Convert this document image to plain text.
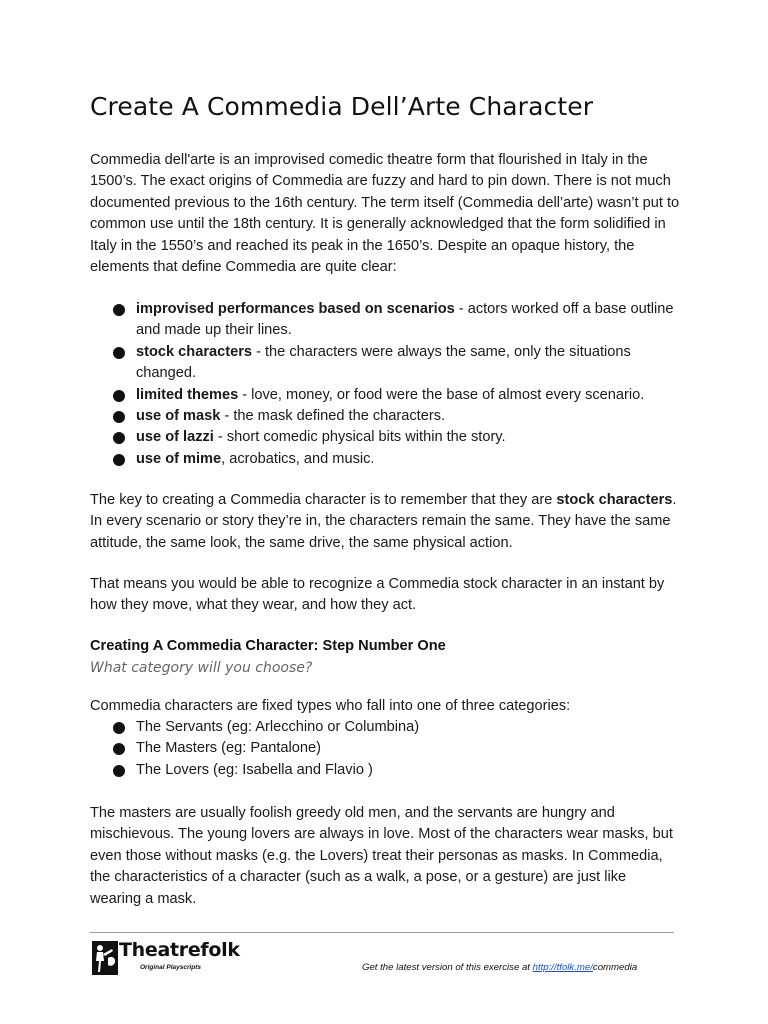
Create A Commedia Dell’Arte Character

Commedia dell'arte is an improvised comedic theatre form that flourished in Italy in the 1500’s. The exact origins of Commedia are fuzzy and hard to pin down. There is not much documented previous to the 16th century. The term itself (Commedia dell’arte) wasn’t put to common use until the 18th century. It is generally acknowledged that the form solidified in Italy in the 1550’s and reached its peak in the 1650’s. Despite an opaque history, the elements that define Commedia are quite clear:

improvised performances based on scenarios - actors worked off a base outline and made up their lines.
stock characters - the characters were always the same, only the situations changed.
limited themes - love, money, or food were the base of almost every scenario.
use of mask - the mask defined the characters.
use of lazzi - short comedic physical bits within the story.
use of mime, acrobatics, and music.

The key to creating a Commedia character is to remember that they are stock characters. In every scenario or story they’re in, the characters remain the same. They have the same attitude, the same look, the same drive, the same physical action.

That means you would be able to recognize a Commedia stock character in an instant by how they move, what they wear, and how they act.

Creating A Commedia Character: Step Number One

What category will you choose?

Commedia characters are fixed types who fall into one of three categories:

The Servants (eg: Arlecchino or Columbina)
The Masters (eg: Pantalone)
The Lovers (eg: Isabella and Flavio )

The masters are usually foolish greedy old men, and the servants are hungry and mischievous. The young lovers are always in love. Most of the characters wear masks, but even those without masks (e.g. the Lovers) treat their personas as masks. In Commedia, the characteristics of a character (such as a walk, a pose, or a gesture) are just like wearing a mask.

Theatrefolk
Original Playscripts	Get the latest version of this exercise at http://tfolk.me/commedia
